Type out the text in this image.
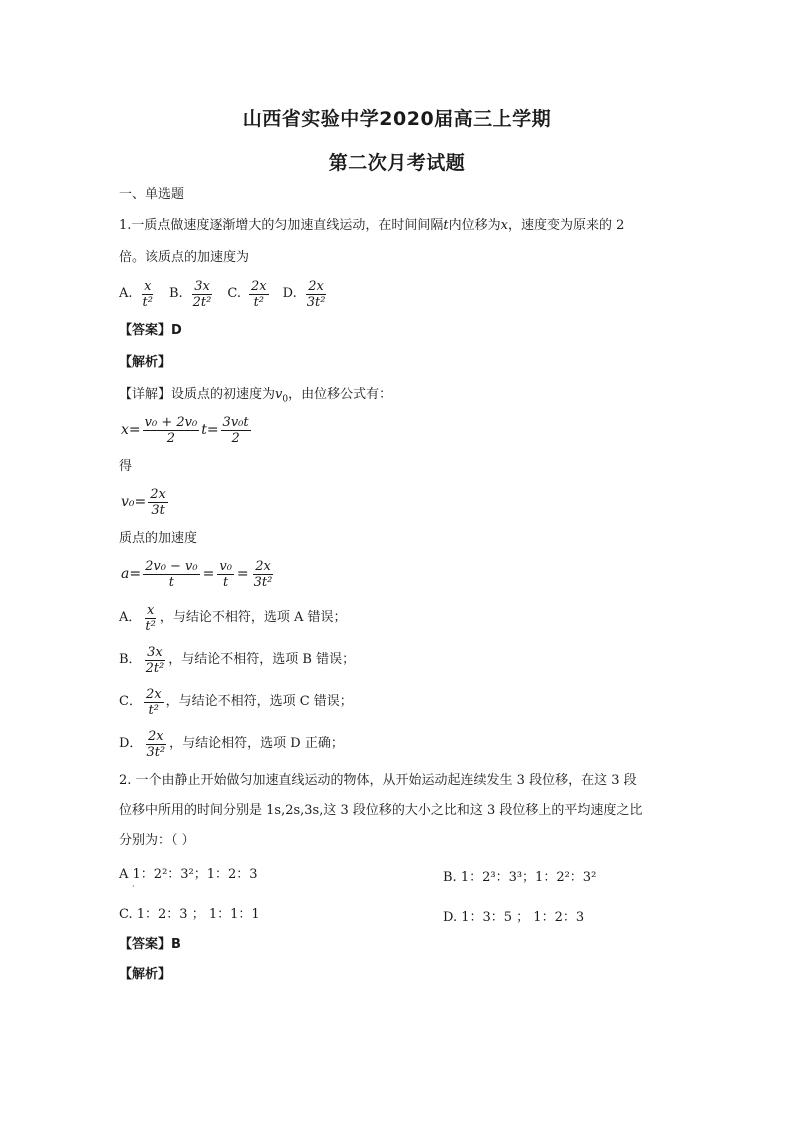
山西省实验中学2020届高三上学期
第二次月考试题
一、单选题
1.一质点做速度逐渐增大的匀加速直线运动，在时间间隔t内位移为x，速度变为原来的 2
倍。该质点的加速度为
A. $\frac{x}{\text{t²}} B$. $\frac{3x}{\text{2t²}} C$. $\frac{2x}{\text{t²}} D$. $\frac{2x}{\text{3t²}}$
【答案】D
【解析】
【详解】设质点的初速度为$v_0$，由位移公式有：
$x= \frac{\text{v₀ + 2v₀}}{2} t= \frac{\text{3v₀t}}{2}$
得
$v_0= \frac{2x}{3t}$
质点的加速度
$a= \frac{\text{2v₀ − v₀}}{t} = \frac{\text{v₀}}{t} = \frac{2x}{\text{3t²}}$
A． $\frac{x}{\text{t²}}$ ，与结论不相符，选项 A 错误；
B． $\frac{3x}{\text{2t²}}$ ，与结论不相符，选项 B 错误；
C． $\frac{2x}{\text{t²}}$ ，与结论不相符，选项 C 错误；
D． $\frac{2x}{\text{3t²}}$ ，与结论相符，选项 D 正确；
2. 一个由静止开始做匀加速直线运动的物体，从开始运动起连续发生 3 段位移，在这 3 段
位移中所用的时间分别是 1s,2s,3s,这 3 段位移的大小之比和这 3 段位移上的平均速度之比
分别为：（ ）
A 1：2²：3²；1：2：3	B. 1：2³：3³；1：2²：3²
·
C. 1：2：3 ； 1：1：1	D. 1：3：5 ； 1：2：3
【答案】B
【解析】
